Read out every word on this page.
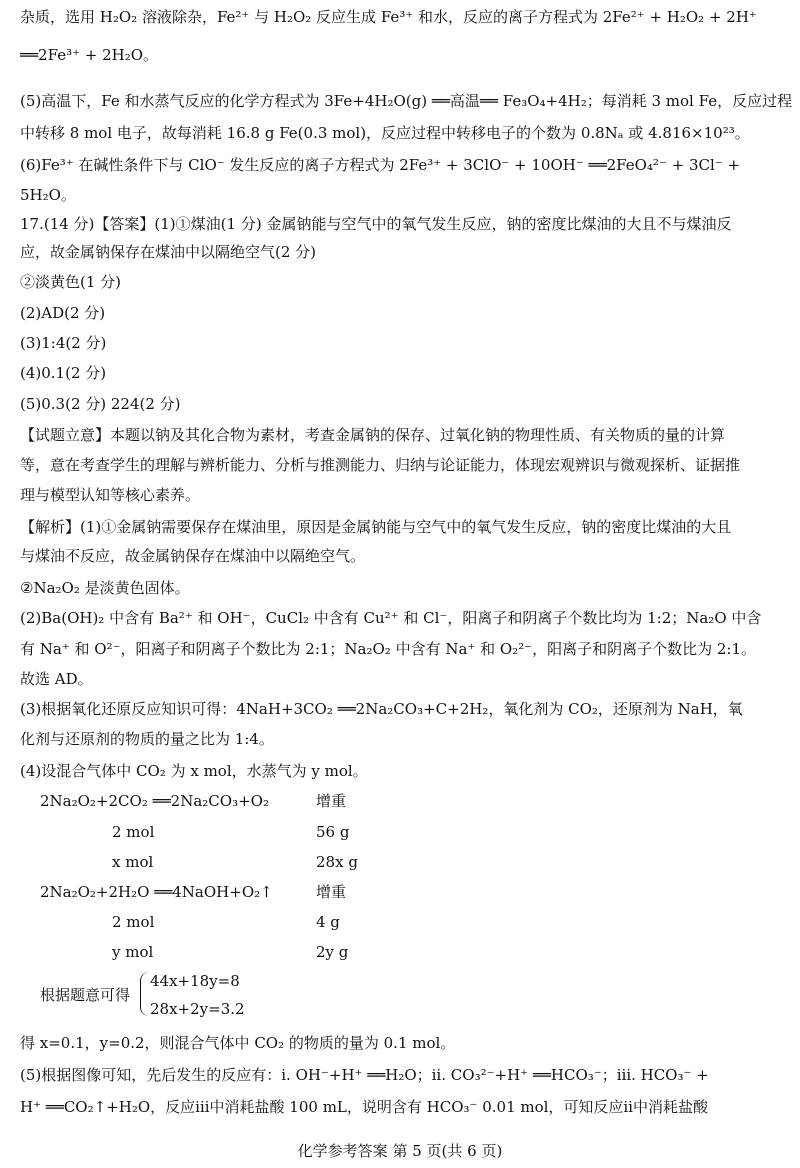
杂质，选用 H₂O₂ 溶液除杂，Fe²⁺ 与 H₂O₂ 反应生成 Fe³⁺ 和水，反应的离子方程式为 2Fe²⁺ + H₂O₂ + 2H⁺
══2Fe³⁺ + 2H₂O。
(5)高温下，Fe 和水蒸气反应的化学方程式为 3Fe+4H₂O(g) ══高温══ Fe₃O₄+4H₂；每消耗 3 mol Fe，反应过程
中转移 8 mol 电子，故每消耗 16.8 g Fe(0.3 mol)，反应过程中转移电子的个数为 0.8Nₐ 或 4.816×10²³。
(6)Fe³⁺ 在碱性条件下与 ClO⁻ 发生反应的离子方程式为 2Fe³⁺ + 3ClO⁻ + 10OH⁻ ══2FeO₄²⁻ + 3Cl⁻ +
5H₂O。
17.(14 分)【答案】(1)①煤油(1 分) 金属钠能与空气中的氧气发生反应，钠的密度比煤油的大且不与煤油反
应，故金属钠保存在煤油中以隔绝空气(2 分)
②淡黄色(1 分)
(2)AD(2 分)
(3)1:4(2 分)
(4)0.1(2 分)
(5)0.3(2 分) 224(2 分)
【试题立意】本题以钠及其化合物为素材，考查金属钠的保存、过氧化钠的物理性质、有关物质的量的计算
等，意在考查学生的理解与辨析能力、分析与推测能力、归纳与论证能力，体现宏观辨识与微观探析、证据推
理与模型认知等核心素养。
【解析】(1)①金属钠需要保存在煤油里，原因是金属钠能与空气中的氧气发生反应，钠的密度比煤油的大且
与煤油不反应，故金属钠保存在煤油中以隔绝空气。
②Na₂O₂ 是淡黄色固体。
(2)Ba(OH)₂ 中含有 Ba²⁺ 和 OH⁻，CuCl₂ 中含有 Cu²⁺ 和 Cl⁻，阳离子和阴离子个数比均为 1:2；Na₂O 中含
有 Na⁺ 和 O²⁻，阳离子和阴离子个数比为 2:1；Na₂O₂ 中含有 Na⁺ 和 O₂²⁻，阳离子和阴离子个数比为 2:1。
故选 AD。
(3)根据氧化还原反应知识可得：4NaH+3CO₂ ══2Na₂CO₃+C+2H₂，氧化剂为 CO₂，还原剂为 NaH，氧
化剂与还原剂的物质的量之比为 1:4。
(4)设混合气体中 CO₂ 为 x mol，水蒸气为 y mol。
2Na₂O₂+2CO₂ ══2Na₂CO₃+O₂	增重
2 mol	56 g
x mol	28x g
2Na₂O₂+2H₂O ══4NaOH+O₂↑	增重
2 mol	4 g
y mol	2y g
根据题意可得
44x+18y=8
28x+2y=3.2
得 x=0.1，y=0.2，则混合气体中 CO₂ 的物质的量为 0.1 mol。
(5)根据图像可知，先后发生的反应有：ⅰ. OH⁻+H⁺ ══H₂O；ⅱ. CO₃²⁻+H⁺ ══HCO₃⁻；ⅲ. HCO₃⁻ +
H⁺ ══CO₂↑+H₂O，反应ⅲ中消耗盐酸 100 mL，说明含有 HCO₃⁻ 0.01 mol，可知反应ⅱ中消耗盐酸
化学参考答案 第 5 页(共 6 页)
